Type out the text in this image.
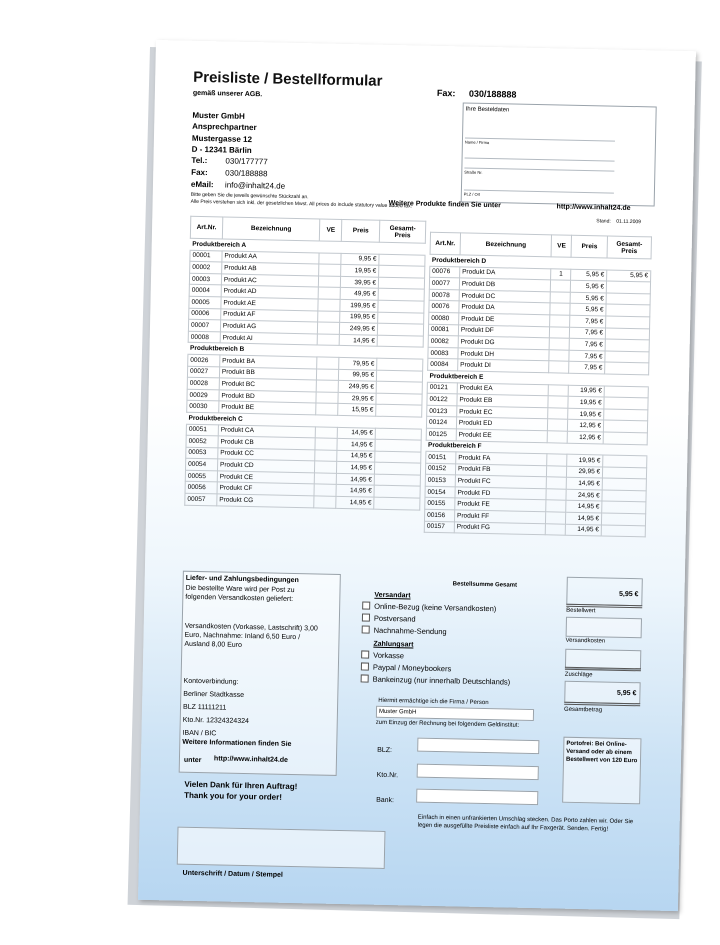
Preisliste / Bestellformular
gemäß unserer AGB.
Muster GmbH
Ansprechpartner
Mustergasse 12
D - 12341 Bärlin
Tel.: 030/177777
Fax: 030/188888
eMail: info@inhalt24.de
Bitte geben Sie die jeweils gewünschte Stückzahl an.
Alle Preis verstehen sich inkl. der gesetzlichen Mwst. All prices do include statutory value added tax.
Fax: 030/188888
Ihre Besteldaten
Name / Firma
Straße Nr.
PLZ / Ort
Weitere Produkte finden Sie unter	http://www.inhalt24.de
Stand: 01.11.2009
Art.Nr.	Bezeichnung	VE	Preis	Gesamt-
Preis
Produktbereich A				
00001	Produkt AA		9,95 €	
00002	Produkt AB		19,95 €	
00003	Produkt AC		39,95 €	
00004	Produkt AD		49,95 €	
00005	Produkt AE		199,95 €	
00006	Produkt AF		199,95 €	
00007	Produkt AG		249,95 €	
00008	Produkt AI		14,95 €	
Produktbereich B				
00026	Produkt BA		79,95 €	
00027	Produkt BB		99,95 €	
00028	Produkt BC		249,95 €	
00029	Produkt BD		29,95 €	
00030	Produkt BE		15,95 €	
Produktbereich C				
00051	Produkt CA		14,95 €	
00052	Produkt CB		14,95 €	
00053	Produkt CC		14,95 €	
00054	Produkt CD		14,95 €	
00055	Produkt CE		14,95 €	
00056	Produkt CF		14,95 €	
00057	Produkt CG		14,95 €	
Art.Nr.	Bezeichnung	VE	Preis	Gesamt-
Preis
Produktbereich D				
00076	Produkt DA	1	5,95 €	5,95 €
00077	Produkt DB		5,95 €	
00078	Produkt DC		5,95 €	
00076	Produkt DA		5,95 €	
00080	Produkt DE		7,95 €	
00081	Produkt DF		7,95 €	
00082	Produkt DG		7,95 €	
00083	Produkt DH		7,95 €	
00084	Produkt DI		7,95 €	
Produktbereich E				
00121	Produkt EA		19,95 €	
00122	Produkt EB		19,95 €	
00123	Produkt EC		19,95 €	
00124	Produkt ED		12,95 €	
00125	Produkt EE		12,95 €	
Produktbereich F				
00151	Produkt FA		19,95 €	
00152	Produkt FB		29,95 €	
00153	Produkt FC		14,95 €	
00154	Produkt FD		24,95 €	
00155	Produkt FE		14,95 €	
00156	Produkt FF		14,95 €	
00157	Produkt FG		14,95 €	
Liefer- und Zahlungsbedingungen
Die bestellte Ware wird per Post zu
folgenden Versandkosten geliefert:
Versandkosten (Vorkasse, Lastschrift) 3,00
Euro, Nachnahme: Inland 6,50 Euro /
Ausland 8,00 Euro
Kontoverbindung:
Berliner Stadtkasse
BLZ 11111211
Kto.Nr. 12324324324
IBAN / BIC
Weitere Informationen finden Sie
unter http://www.inhalt24.de
Vielen Dank für Ihren Auftrag!
Thank you for your order!
Unterschrift / Datum / Stempel
Bestellsumme Gesamt
Versandart
Online-Bezug (keine Versandkosten)
Postversand
Nachnahme-Sendung
Zahlungsart
Vorkasse
Paypal / Moneybookers
Bankeinzug (nur innerhalb Deutschlands)
Hiermit ermächtige ich die Firma / Person
Muster GmbH
zum Einzug der Rechnung bei folgendem Geldinstitut:
BLZ:
Kto.Nr.
Bank:
Einfach in einen unfrankierten Umschlag stecken. Das Porto zahlen wir. Oder Sie legen die ausgefüllte Preisliste einfach auf Ihr Faxgerät. Senden. Fertig!
5,95 €
Bestellwert
Versandkosten
Zuschläge
5,95 €
Gesamtbetrag
Portofrei: Bei Online-Versand oder ab einem Bestellwert von 120 Euro
